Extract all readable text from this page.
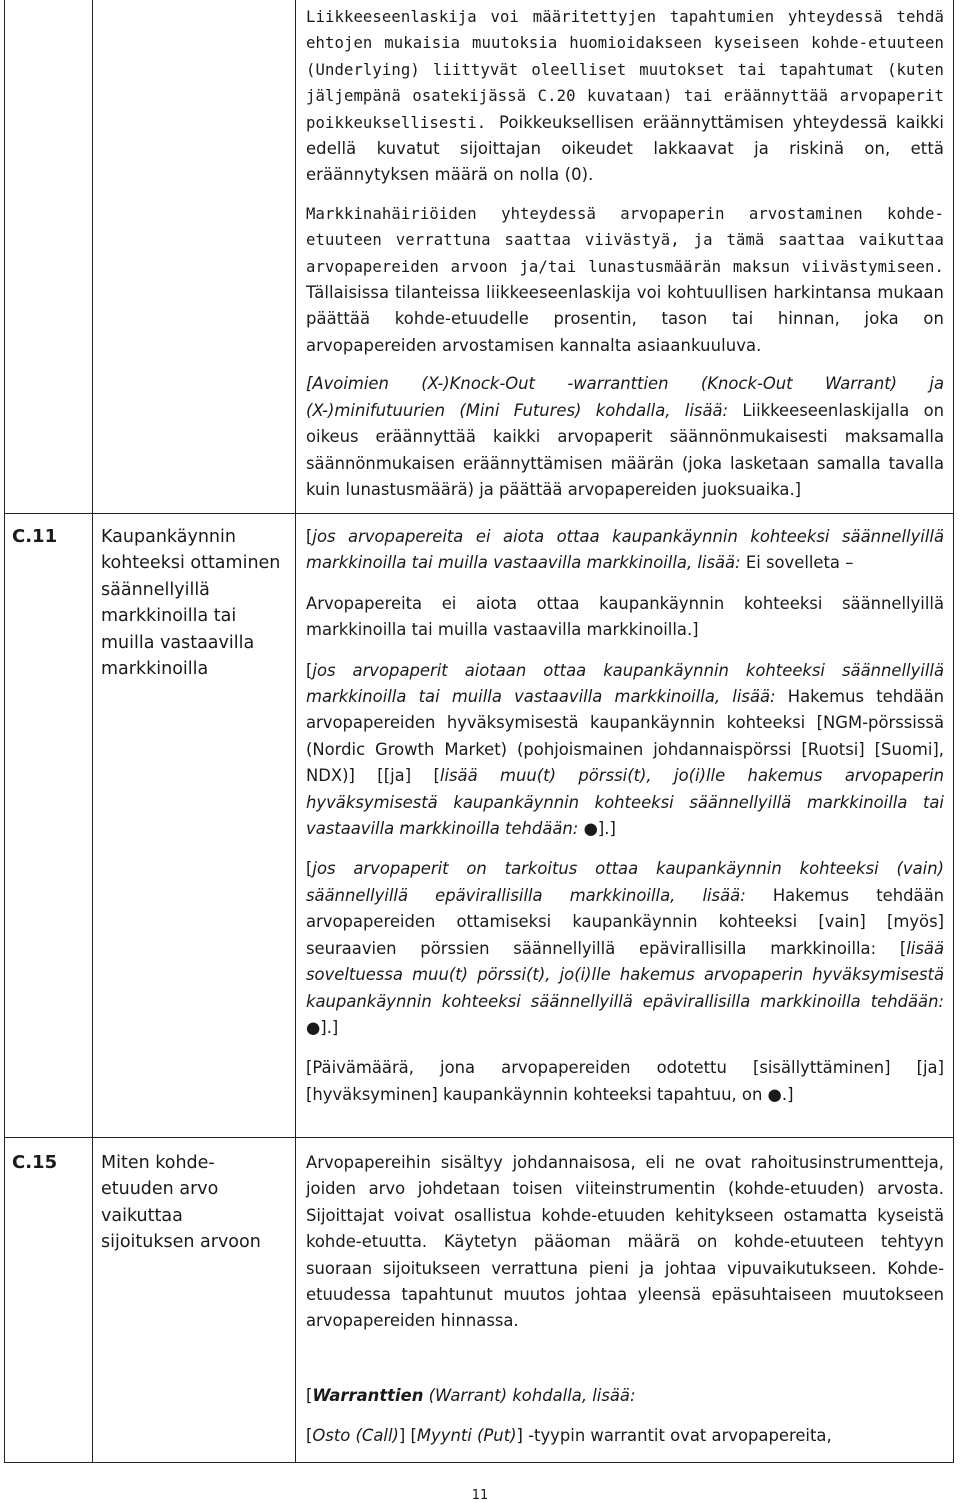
Liikkeeseenlaskija voi määritettyjen tapahtumien yhteydessä tehdä ehtojen mukaisia muutoksia huomioidakseen kyseiseen kohde-etuuteen (Underlying) liittyvät oleelliset muutokset tai tapahtumat (kuten jäljempänä osatekijässä C.20 kuvataan) tai eräännyttää arvopaperit poikkeuksellisesti. Poikkeuksellisen eräännyttämisen yhteydessä kaikki edellä kuvatut sijoittajan oikeudet lakkaavat ja riskinä on, että eräännytyksen määrä on nolla (0).

Markkinahäiriöiden yhteydessä arvopaperin arvostaminen kohde-etuuteen verrattuna saattaa viivästyä, ja tämä saattaa vaikuttaa arvopapereiden arvoon ja/tai lunastusmäärän maksun viivästymiseen. Tällaisissa tilanteissa liikkeeseenlaskija voi kohtuullisen harkintansa mukaan päättää kohde-etuudelle prosentin, tason tai hinnan, joka on arvopapereiden arvostamisen kannalta asiaankuuluva.

[Avoimien (X-)Knock-Out -warranttien (Knock-Out Warrant) ja (X-)minifutuurien (Mini Futures) kohdalla, lisää: Liikkeeseenlaskijalla on oikeus eräännyttää kaikki arvopaperit säännönmukaisesti maksamalla säännönmukaisen eräännyttämisen määrän (joka lasketaan samalla tavalla kuin lunastusmäärä) ja päättää arvopapereiden juoksuaika.]

C.11	Kaupankäynnin kohteeksi ottaminen säännellyillä markkinoilla tai muilla vastaavilla markkinoilla

[jos arvopapereita ei aiota ottaa kaupankäynnin kohteeksi säännellyillä markkinoilla tai muilla vastaavilla markkinoilla, lisää: Ei sovelleta –

Arvopapereita ei aiota ottaa kaupankäynnin kohteeksi säännellyillä markkinoilla tai muilla vastaavilla markkinoilla.]

[jos arvopaperit aiotaan ottaa kaupankäynnin kohteeksi säännellyillä markkinoilla tai muilla vastaavilla markkinoilla, lisää: Hakemus tehdään arvopapereiden hyväksymisestä kaupankäynnin kohteeksi [NGM-pörssissä (Nordic Growth Market) (pohjoismainen johdannaispörssi [Ruotsi] [Suomi], NDX)] [[ja] [lisää muu(t) pörssi(t), jo(i)lle hakemus arvopaperin hyväksymisestä kaupankäynnin kohteeksi säännellyillä markkinoilla tai vastaavilla markkinoilla tehdään: ●].]

[jos arvopaperit on tarkoitus ottaa kaupankäynnin kohteeksi (vain) säännellyillä epävirallisilla markkinoilla, lisää: Hakemus tehdään arvopapereiden ottamiseksi kaupankäynnin kohteeksi [vain] [myös] seuraavien pörssien säännellyillä epävirallisilla markkinoilla: [lisää soveltuessa muu(t) pörssi(t), jo(i)lle hakemus arvopaperin hyväksymisestä kaupankäynnin kohteeksi säännellyillä epävirallisilla markkinoilla tehdään: ●].]

[Päivämäärä, jona arvopapereiden odotettu [sisällyttäminen] [ja] [hyväksyminen] kaupankäynnin kohteeksi tapahtuu, on ●.]

C.15	Miten kohde-etuuden arvo vaikuttaa sijoituksen arvoon

Arvopapereihin sisältyy johdannaisosa, eli ne ovat rahoitusinstrumentteja, joiden arvo johdetaan toisen viiteinstrumentin (kohde-etuuden) arvosta. Sijoittajat voivat osallistua kohde-etuuden kehitykseen ostamatta kyseistä kohde-etuutta. Käytetyn pääoman määrä on kohde-etuuteen tehtyyn suoraan sijoitukseen verrattuna pieni ja johtaa vipuvaikutukseen. Kohde-etuudessa tapahtunut muutos johtaa yleensä epäsuhtaiseen muutokseen arvopapereiden hinnassa.

[Warranttien (Warrant) kohdalla, lisää:

[Osto (Call)] [Myynti (Put)] -tyypin warrantit ovat arvopapereita,

11
